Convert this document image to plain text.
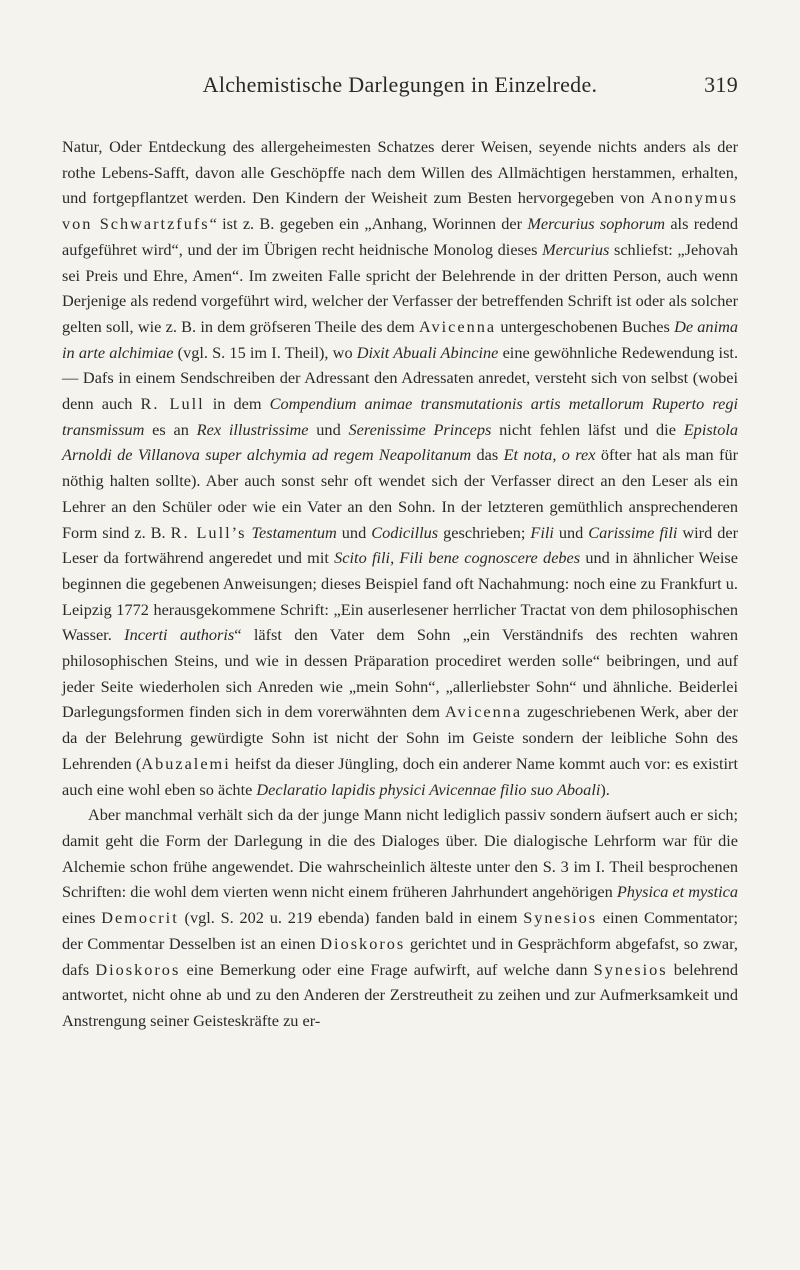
Alchemistische Darlegungen in Einzelrede.	319

Natur, Oder Entdeckung des allergeheimesten Schatzes derer Weisen, seyende nichts anders als der rothe Lebens-Safft, davon alle Geschöpffe nach dem Willen des Allmächtigen herstammen, erhalten, und fortgepflantzet werden. Den Kindern der Weisheit zum Besten hervorgegeben von Anonymus von Schwartzfufs“ ist z. B. gegeben ein „Anhang, Worinnen der Mercurius sophorum als redend aufgeführet wird“, und der im Übrigen recht heidnische Monolog dieses Mercurius schliefst: „Jehovah sei Preis und Ehre, Amen“. Im zweiten Falle spricht der Belehrende in der dritten Person, auch wenn Derjenige als redend vorgeführt wird, welcher der Verfasser der betreffenden Schrift ist oder als solcher gelten soll, wie z. B. in dem gröfseren Theile des dem Avicenna untergeschobenen Buches De anima in arte alchimiae (vgl. S. 15 im I. Theil), wo Dixit Abuali Abincine eine gewöhnliche Redewendung ist. — Dafs in einem Sendschreiben der Adressant den Adressaten anredet, versteht sich von selbst (wobei denn auch R. Lull in dem Compendium animae transmutationis artis metallorum Ruperto regi transmissum es an Rex illustrissime und Serenissime Princeps nicht fehlen läfst und die Epistola Arnoldi de Villanova super alchymia ad regem Neapolitanum das Et nota, o rex öfter hat als man für nöthig halten sollte). Aber auch sonst sehr oft wendet sich der Verfasser direct an den Leser als ein Lehrer an den Schüler oder wie ein Vater an den Sohn. In der letzteren gemüthlich ansprechenderen Form sind z. B. R. Lull’s Testamentum und Codicillus geschrieben; Fili und Carissime fili wird der Leser da fortwährend angeredet und mit Scito fili, Fili bene cognoscere debes und in ähnlicher Weise beginnen die gegebenen Anweisungen; dieses Beispiel fand oft Nachahmung: noch eine zu Frankfurt u. Leipzig 1772 herausgekommene Schrift: „Ein auserlesener herrlicher Tractat von dem philosophischen Wasser. Incerti authoris“ läfst den Vater dem Sohn „ein Verständnifs des rechten wahren philosophischen Steins, und wie in dessen Präparation procediret werden solle“ beibringen, und auf jeder Seite wiederholen sich Anreden wie „mein Sohn“, „allerliebster Sohn“ und ähnliche. Beiderlei Darlegungsformen finden sich in dem vorerwähnten dem Avicenna zugeschriebenen Werk, aber der da der Belehrung gewürdigte Sohn ist nicht der Sohn im Geiste sondern der leibliche Sohn des Lehrenden (Abuzalemi heifst da dieser Jüngling, doch ein anderer Name kommt auch vor: es existirt auch eine wohl eben so ächte Declaratio lapidis physici Avicennae filio suo Aboali).

Aber manchmal verhält sich da der junge Mann nicht lediglich passiv sondern äufsert auch er sich; damit geht die Form der Darlegung in die des Dialoges über. Die dialogische Lehrform war für die Alchemie schon frühe angewendet. Die wahrscheinlich älteste unter den S. 3 im I. Theil besprochenen Schriften: die wohl dem vierten wenn nicht einem früheren Jahrhundert angehörigen Physica et mystica eines Democrit (vgl. S. 202 u. 219 ebenda) fanden bald in einem Synesios einen Commentator; der Commentar Desselben ist an einen Dioskoros gerichtet und in Gesprächform abgefafst, so zwar, dafs Dioskoros eine Bemerkung oder eine Frage aufwirft, auf welche dann Synesios belehrend antwortet, nicht ohne ab und zu den Anderen der Zerstreutheit zu zeihen und zur Aufmerksamkeit und Anstrengung seiner Geisteskräfte zu er-
